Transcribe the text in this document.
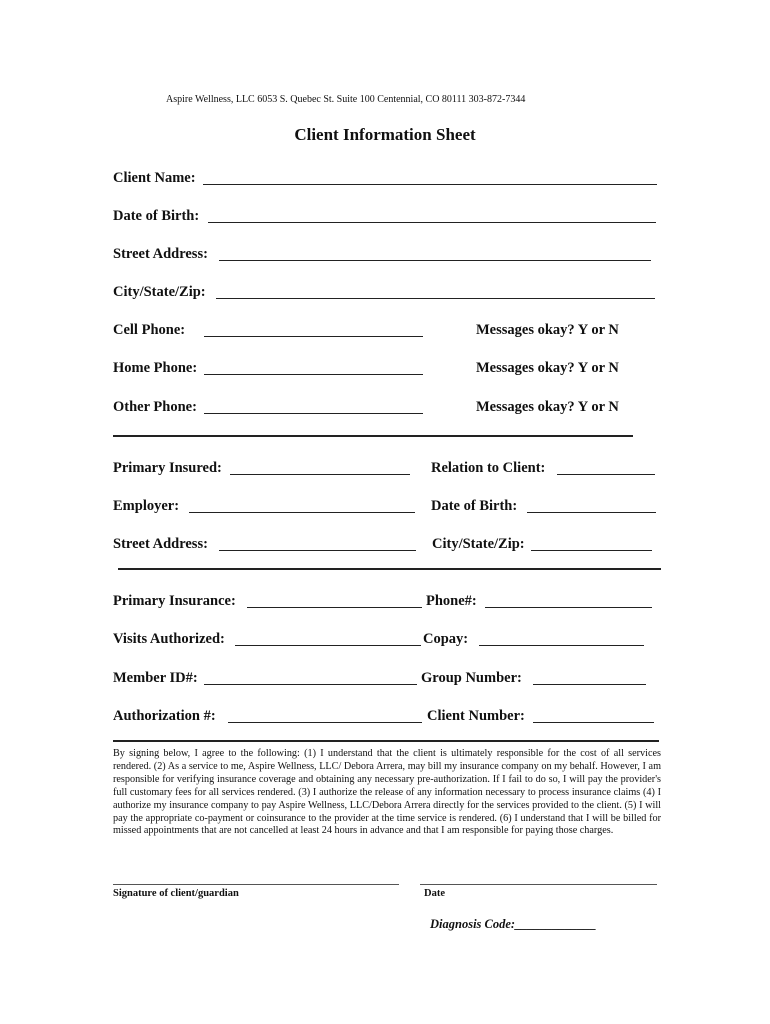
Aspire Wellness, LLC 6053 S. Quebec St. Suite 100 Centennial, CO 80111 303-872-7344
Client Information Sheet
Client Name:
Date of Birth:
Street Address:
City/State/Zip:
Cell Phone:	Messages okay? Y or N
Home Phone:	Messages okay? Y or N
Other Phone:	Messages okay? Y or N
Primary Insured:	Relation to Client:
Employer:	Date of Birth:
Street Address:	City/State/Zip:
Primary Insurance:	Phone#:
Visits Authorized:	Copay:
Member ID#:	Group Number:
Authorization #:	Client Number:
By signing below, I agree to the following: (1) I understand that the client is ultimately responsible for the cost of all services rendered. (2) As a service to me, Aspire Wellness, LLC/ Debora Arrera, may bill my insurance company on my behalf. However, I am responsible for verifying insurance coverage and obtaining any necessary pre-authorization. If I fail to do so, I will pay the provider's full customary fees for all services rendered. (3) I authorize the release of any information necessary to process insurance claims (4) I authorize my insurance company to pay Aspire Wellness, LLC/Debora Arrera directly for the services provided to the client. (5) I will pay the appropriate co-payment or coinsurance to the provider at the time service is rendered. (6) I understand that I will be billed for missed appointments that are not cancelled at least 24 hours in advance and that I am responsible for paying those charges.
Signature of client/guardian	Date
Diagnosis Code:_____________
